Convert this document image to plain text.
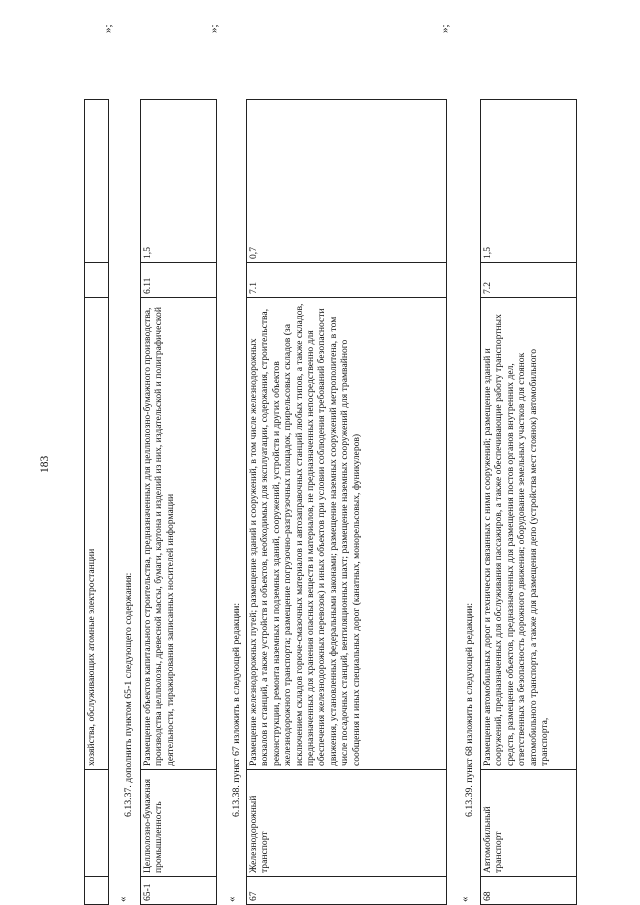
183
		хозяйства, обслуживающих атомные электростанции		
»;
«
6.13.37. дополнить пунктом 65-1 следующего содержания:
65-1	Целлюлозно-бумажная промышленность	Размещение объектов капитального строительства, предназначенных для целлюлозно-бумажного производства, производства целлюлозы, древесной массы, бумаги, картона и изделий из них, издательской и полиграфической деятельности, тиражирования записанных носителей информации	6.11	1,5
»;
«
6.13.38. пункт 67 изложить в следующей редакции:
67	Железнодорожный транспорт	Размещение железнодорожных путей; размещение зданий и сооружений, в том числе железнодорожных вокзалов и станций, а также устройств и объектов, необходимых для эксплуатации, содержания, строительства, реконструкции, ремонта наземных и подземных зданий, сооружений, устройств и других объектов железнодорожного транспорта; размещение погрузочно-разгрузочных площадок, прирельсовых складов (за исключением складов горюче-смазочных материалов и автозаправочных станций любых типов, а также складов, предназначенных для хранения опасных веществ и материалов, не предназначенных непосредственно для обеспечения железнодорожных перевозок) и иных объектов при условии соблюдения требований безопасности движения, установленных федеральными законами; размещение наземных сооружений метрополитена, в том числе посадочных станций, вентиляционных шахт; размещение наземных сооружений для трамвайного сообщения и иных специальных дорог (канатных, монорельсовых, фуникулеров)	7.1	0,7
»;
«
6.13.39. пункт 68 изложить в следующей редакции:
68	Автомобильный транспорт	Размещение автомобильных дорог и технически связанных с ними сооружений; размещение зданий и сооружений, предназначенных для обслуживания пассажиров, а также обеспечивающие работу транспортных средств, размещение объектов, предназначенных для размещения постов органов внутренних дел, ответственных за безопасность дорожного движения; оборудование земельных участков для стоянок автомобильного транспорта, а также для размещения депо (устройства мест стоянок) автомобильного транспорта,	7.2	1,5
